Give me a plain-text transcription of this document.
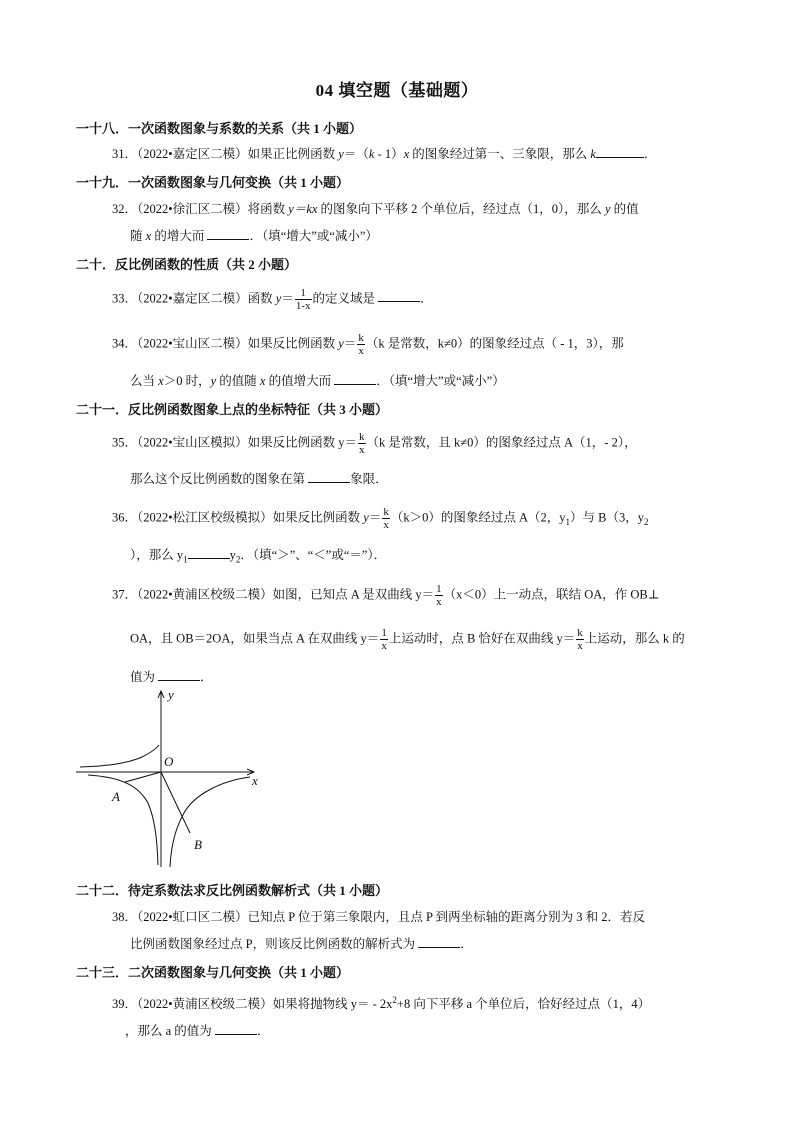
04 填空题（基础题）
一十八．一次函数图象与系数的关系（共 1 小题）
31．（2022•嘉定区二模）如果正比例函数 y＝（k - 1）x 的图象经过第一、三象限，那么 k	．
一十九．一次函数图象与几何变换（共 1 小题）
32．（2022•徐汇区二模）将函数 y＝kx 的图象向下平移 2 个单位后，经过点（1，0），那么 y 的值
随 x 的增大而	．（填“增大”或“减小”）
二十．反比例函数的性质（共 2 小题）
33．（2022•嘉定区二模）函数 $y= \frac{1}{1-x}$ 的定义域是	．
34．（2022•宝山区二模）如果反比例函数 $y= \frac{k}{x} (k$ 是常数，k≠0）的图象经过点（ - 1，3），那
么当 x＞0 时，y 的值随 x 的值增大而	．（填“增大”或“减小”）
二十一．反比例函数图象上点的坐标特征（共 3 小题）
35．（2022•宝山区模拟）如果反比例函数 $y= \frac{k}{x} (k$ 是常数，且 k≠0）的图象经过点 A（1，- 2），
那么这个反比例函数的图象在第	象限．
36．（2022•松江区校级模拟）如果反比例函数 $y= \frac{k}{x} (k>0)$的图象经过点 A（2，$y_1$）与 B（3，$y_2$
），那么 $y_1$	$y_2$．（填“＞”、“＜”或“＝”）．
37．（2022•黄浦区校级二模）如图，已知点 A 是双曲线 $y= \frac{1}{x} (x<0)$上一动点，联结 OA，作 OB⊥
OA，且 OB＝2OA，如果当点 A 在双曲线 $y= \frac{1}{x}$ 上运动时，点 B 恰好在双曲线 $y= \frac{k}{x}$ 上运动，那么 k 的
值为	．
y
x
O
A
B
二十二．待定系数法求反比例函数解析式（共 1 小题）
38．（2022•虹口区二模）已知点 P 位于第三象限内，且点 P 到两坐标轴的距离分别为 3 和 2．若反
比例函数图象经过点 P，则该反比例函数的解析式为	．
二十三．二次函数图象与几何变换（共 1 小题）
39．（2022•黄浦区校级二模）如果将抛物线 $y= - 2x^2+8$ 向下平移 a 个单位后，恰好经过点（1，4）
，那么 a 的值为	．
